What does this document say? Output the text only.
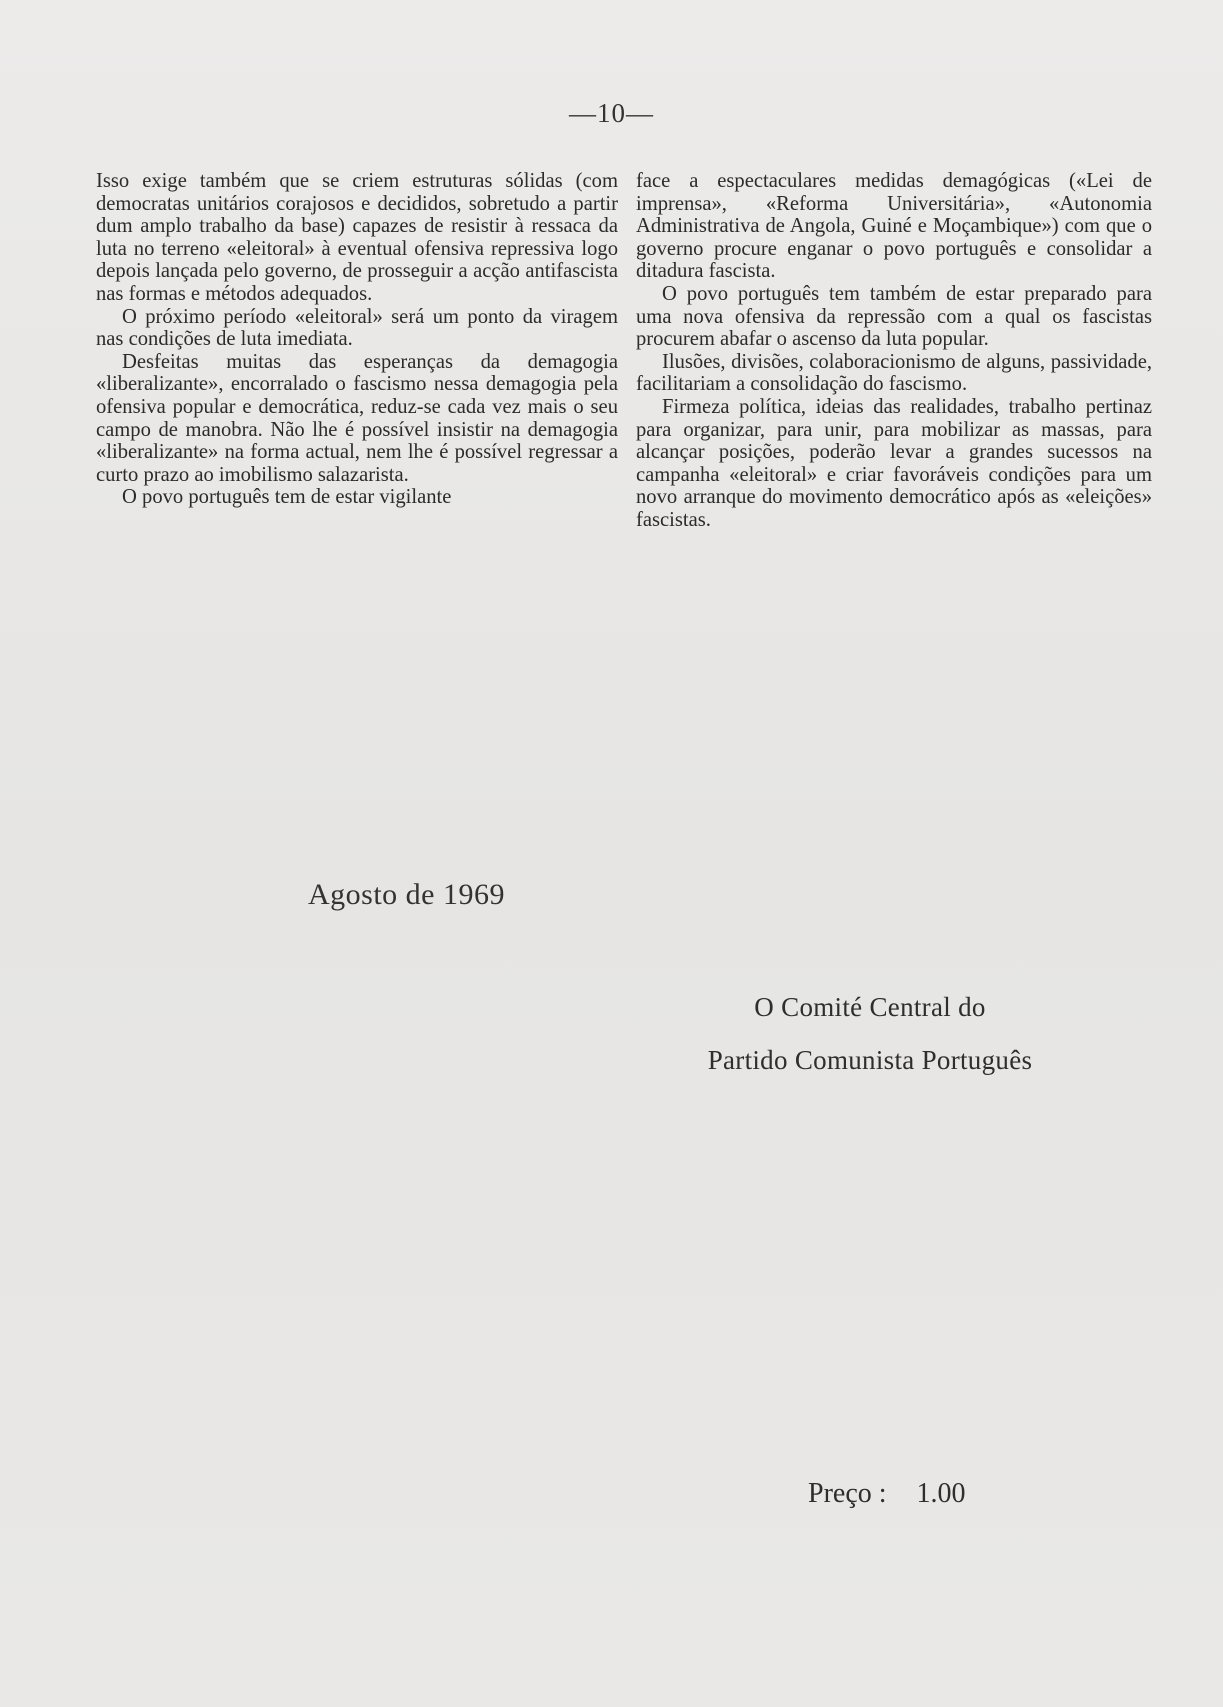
—10—

Isso exige também que se criem estruturas sólidas (com democratas unitários corajosos e decididos, sobretudo a partir dum amplo trabalho da base) capazes de resistir à ressaca da luta no terreno «eleitoral» à eventual ofensiva repressiva logo depois lançada pelo governo, de prosseguir a acção antifascista nas formas e métodos adequados.

O próximo período «eleitoral» será um ponto da viragem nas condições de luta imediata.

Desfeitas muitas das esperanças da demagogia «liberalizante», encorralado o fascismo nessa demagogia pela ofensiva popular e democrática, reduz-se cada vez mais o seu campo de manobra. Não lhe é possível insistir na demagogia «liberalizante» na forma actual, nem lhe é possível regressar a curto prazo ao imobilismo salazarista.

O povo português tem de estar vigilante

face a espectaculares medidas demagógicas («Lei de imprensa», «Reforma Universitária», «Autonomia Administrativa de Angola, Guiné e Moçambique») com que o governo procure enganar o povo português e consolidar a ditadura fascista.

O povo português tem também de estar preparado para uma nova ofensiva da repressão com a qual os fascistas procurem abafar o ascenso da luta popular.

Ilusões, divisões, colaboracionismo de alguns, passividade, facilitariam a consolidação do fascismo.

Firmeza política, ideias das realidades, trabalho pertinaz para organizar, para unir, para mobilizar as massas, para alcançar posições, poderão levar a grandes sucessos na campanha «eleitoral» e criar favoráveis condições para um novo arranque do movimento democrático após as «eleições» fascistas.

Agosto de 1969
O Comité Central do
Partido Comunista Português
Preço : 1.00
